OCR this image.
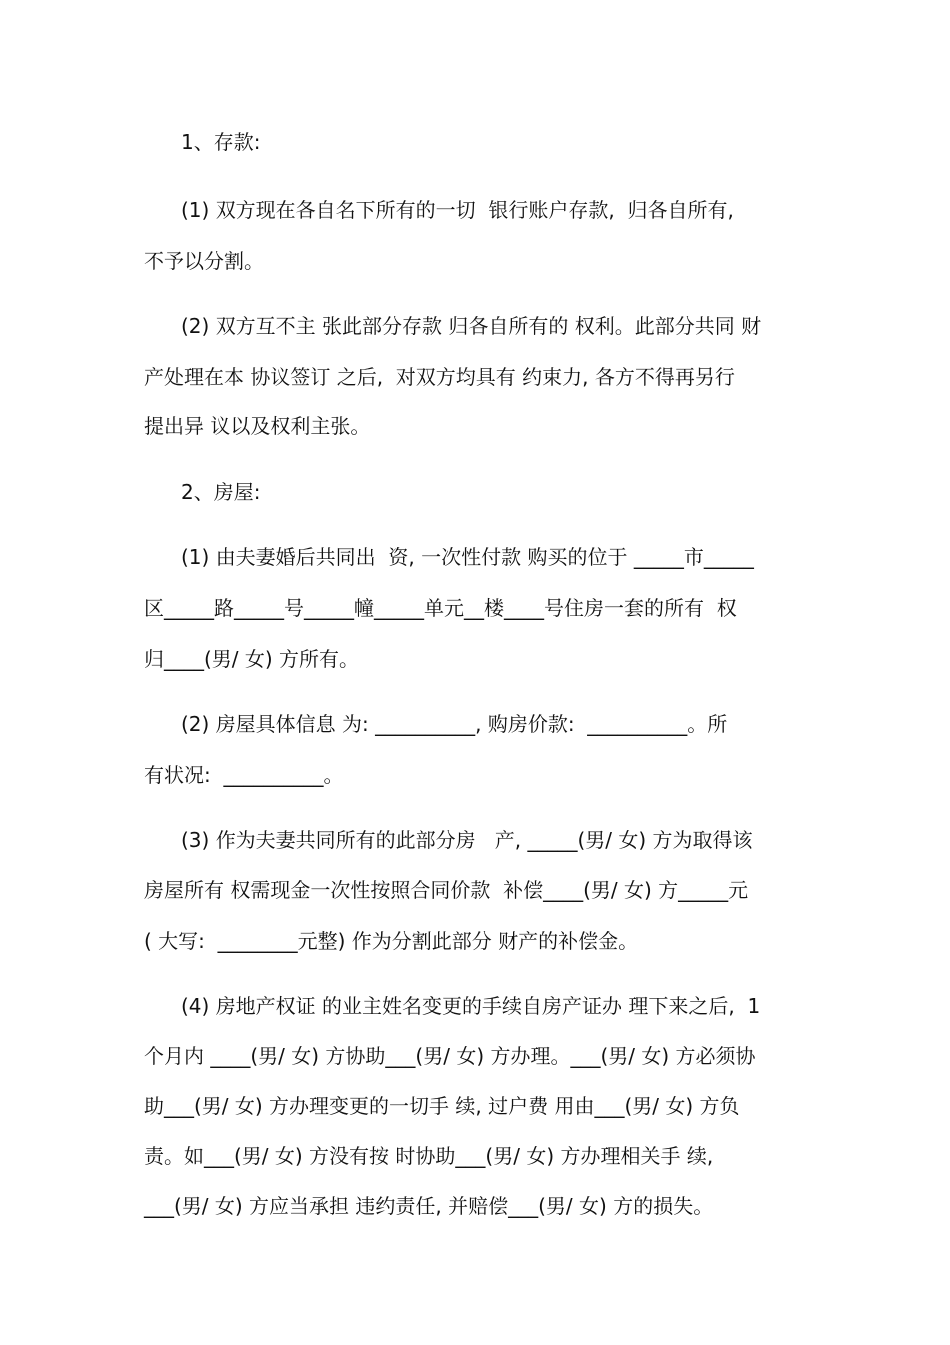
1、存款:
(1) 双方现在各自名下所有的一切  银行账户存款,  归各自所有,
不予以分割。
(2) 双方互不主 张此部分存款 归各自所有的 权利。此部分共同 财
产处理在本 协议签订 之后,  对双方均具有 约束力, 各方不得再另行
提出异 议以及权利主张。
2、房屋:
(1) 由夫妻婚后共同出  资, 一次性付款 购买的位于 _____市_____
区_____路_____号_____幢_____单元__楼____号住房一套的所有  权
归____(男/ 女) 方所有。
(2) 房屋具体信息 为: __________, 购房价款:  __________。所
有状况:  __________。
(3) 作为夫妻共同所有的此部分房   产, _____(男/ 女) 方为取得该
房屋所有 权需现金一次性按照合同价款  补偿____(男/ 女) 方_____元
( 大写:  ________元整) 作为分割此部分 财产的补偿金。
(4) 房地产权证 的业主姓名变更的手续自房产证办 理下来之后,  1
个月内 ____(男/ 女) 方协助___(男/ 女) 方办理。___(男/ 女) 方必须协
助___(男/ 女) 方办理变更的一切手 续, 过户费 用由___(男/ 女) 方负
责。如___(男/ 女) 方没有按 时协助___(男/ 女) 方办理相关手 续,
___(男/ 女) 方应当承担 违约责任, 并赔偿___(男/ 女) 方的损失。
